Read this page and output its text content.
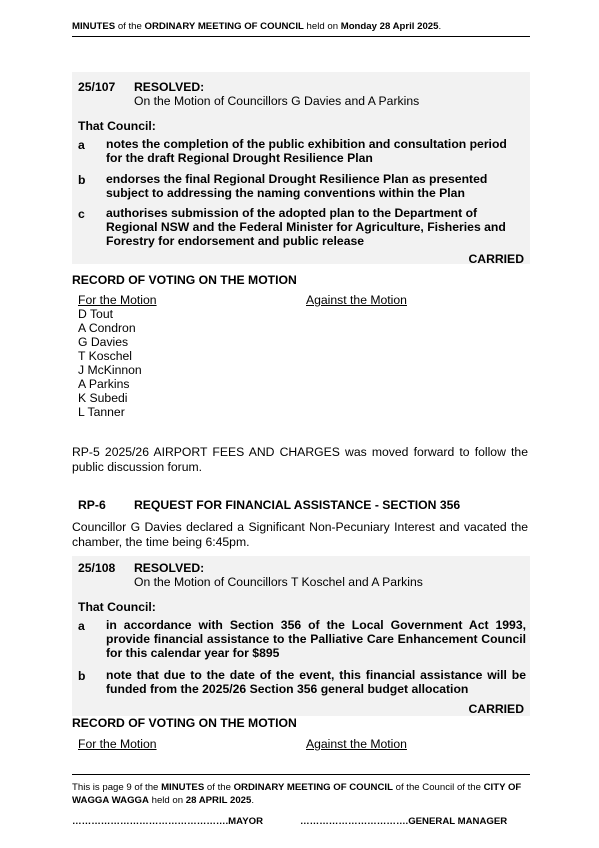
MINUTES of the ORDINARY MEETING OF COUNCIL held on Monday 28 April 2025.
25/107 RESOLVED:
On the Motion of Councillors G Davies and A Parkins
That Council:
a notes the completion of the public exhibition and consultation period for the draft Regional Drought Resilience Plan
b endorses the final Regional Drought Resilience Plan as presented subject to addressing the naming conventions within the Plan
c authorises submission of the adopted plan to the Department of Regional NSW and the Federal Minister for Agriculture, Fisheries and Forestry for endorsement and public release
CARRIED
RECORD OF VOTING ON THE MOTION
For the Motion	Against the Motion
D Tout
A Condron
G Davies
T Koschel
J McKinnon
A Parkins
K Subedi
L Tanner
RP-5 2025/26 AIRPORT FEES AND CHARGES was moved forward to follow the public discussion forum.
RP-6 REQUEST FOR FINANCIAL ASSISTANCE - SECTION 356
Councillor G Davies declared a Significant Non-Pecuniary Interest and vacated the chamber, the time being 6:45pm.
25/108 RESOLVED:
On the Motion of Councillors T Koschel and A Parkins
That Council:
a in accordance with Section 356 of the Local Government Act 1993, provide financial assistance to the Palliative Care Enhancement Council for this calendar year for $895
b note that due to the date of the event, this financial assistance will be funded from the 2025/26 Section 356 general budget allocation
CARRIED
RECORD OF VOTING ON THE MOTION
For the Motion	Against the Motion
This is page 9 of the MINUTES of the ORDINARY MEETING OF COUNCIL of the Council of the CITY OF WAGGA WAGGA held on 28 APRIL 2025.
………………………………………….MAYOR	…………………………….GENERAL MANAGER
